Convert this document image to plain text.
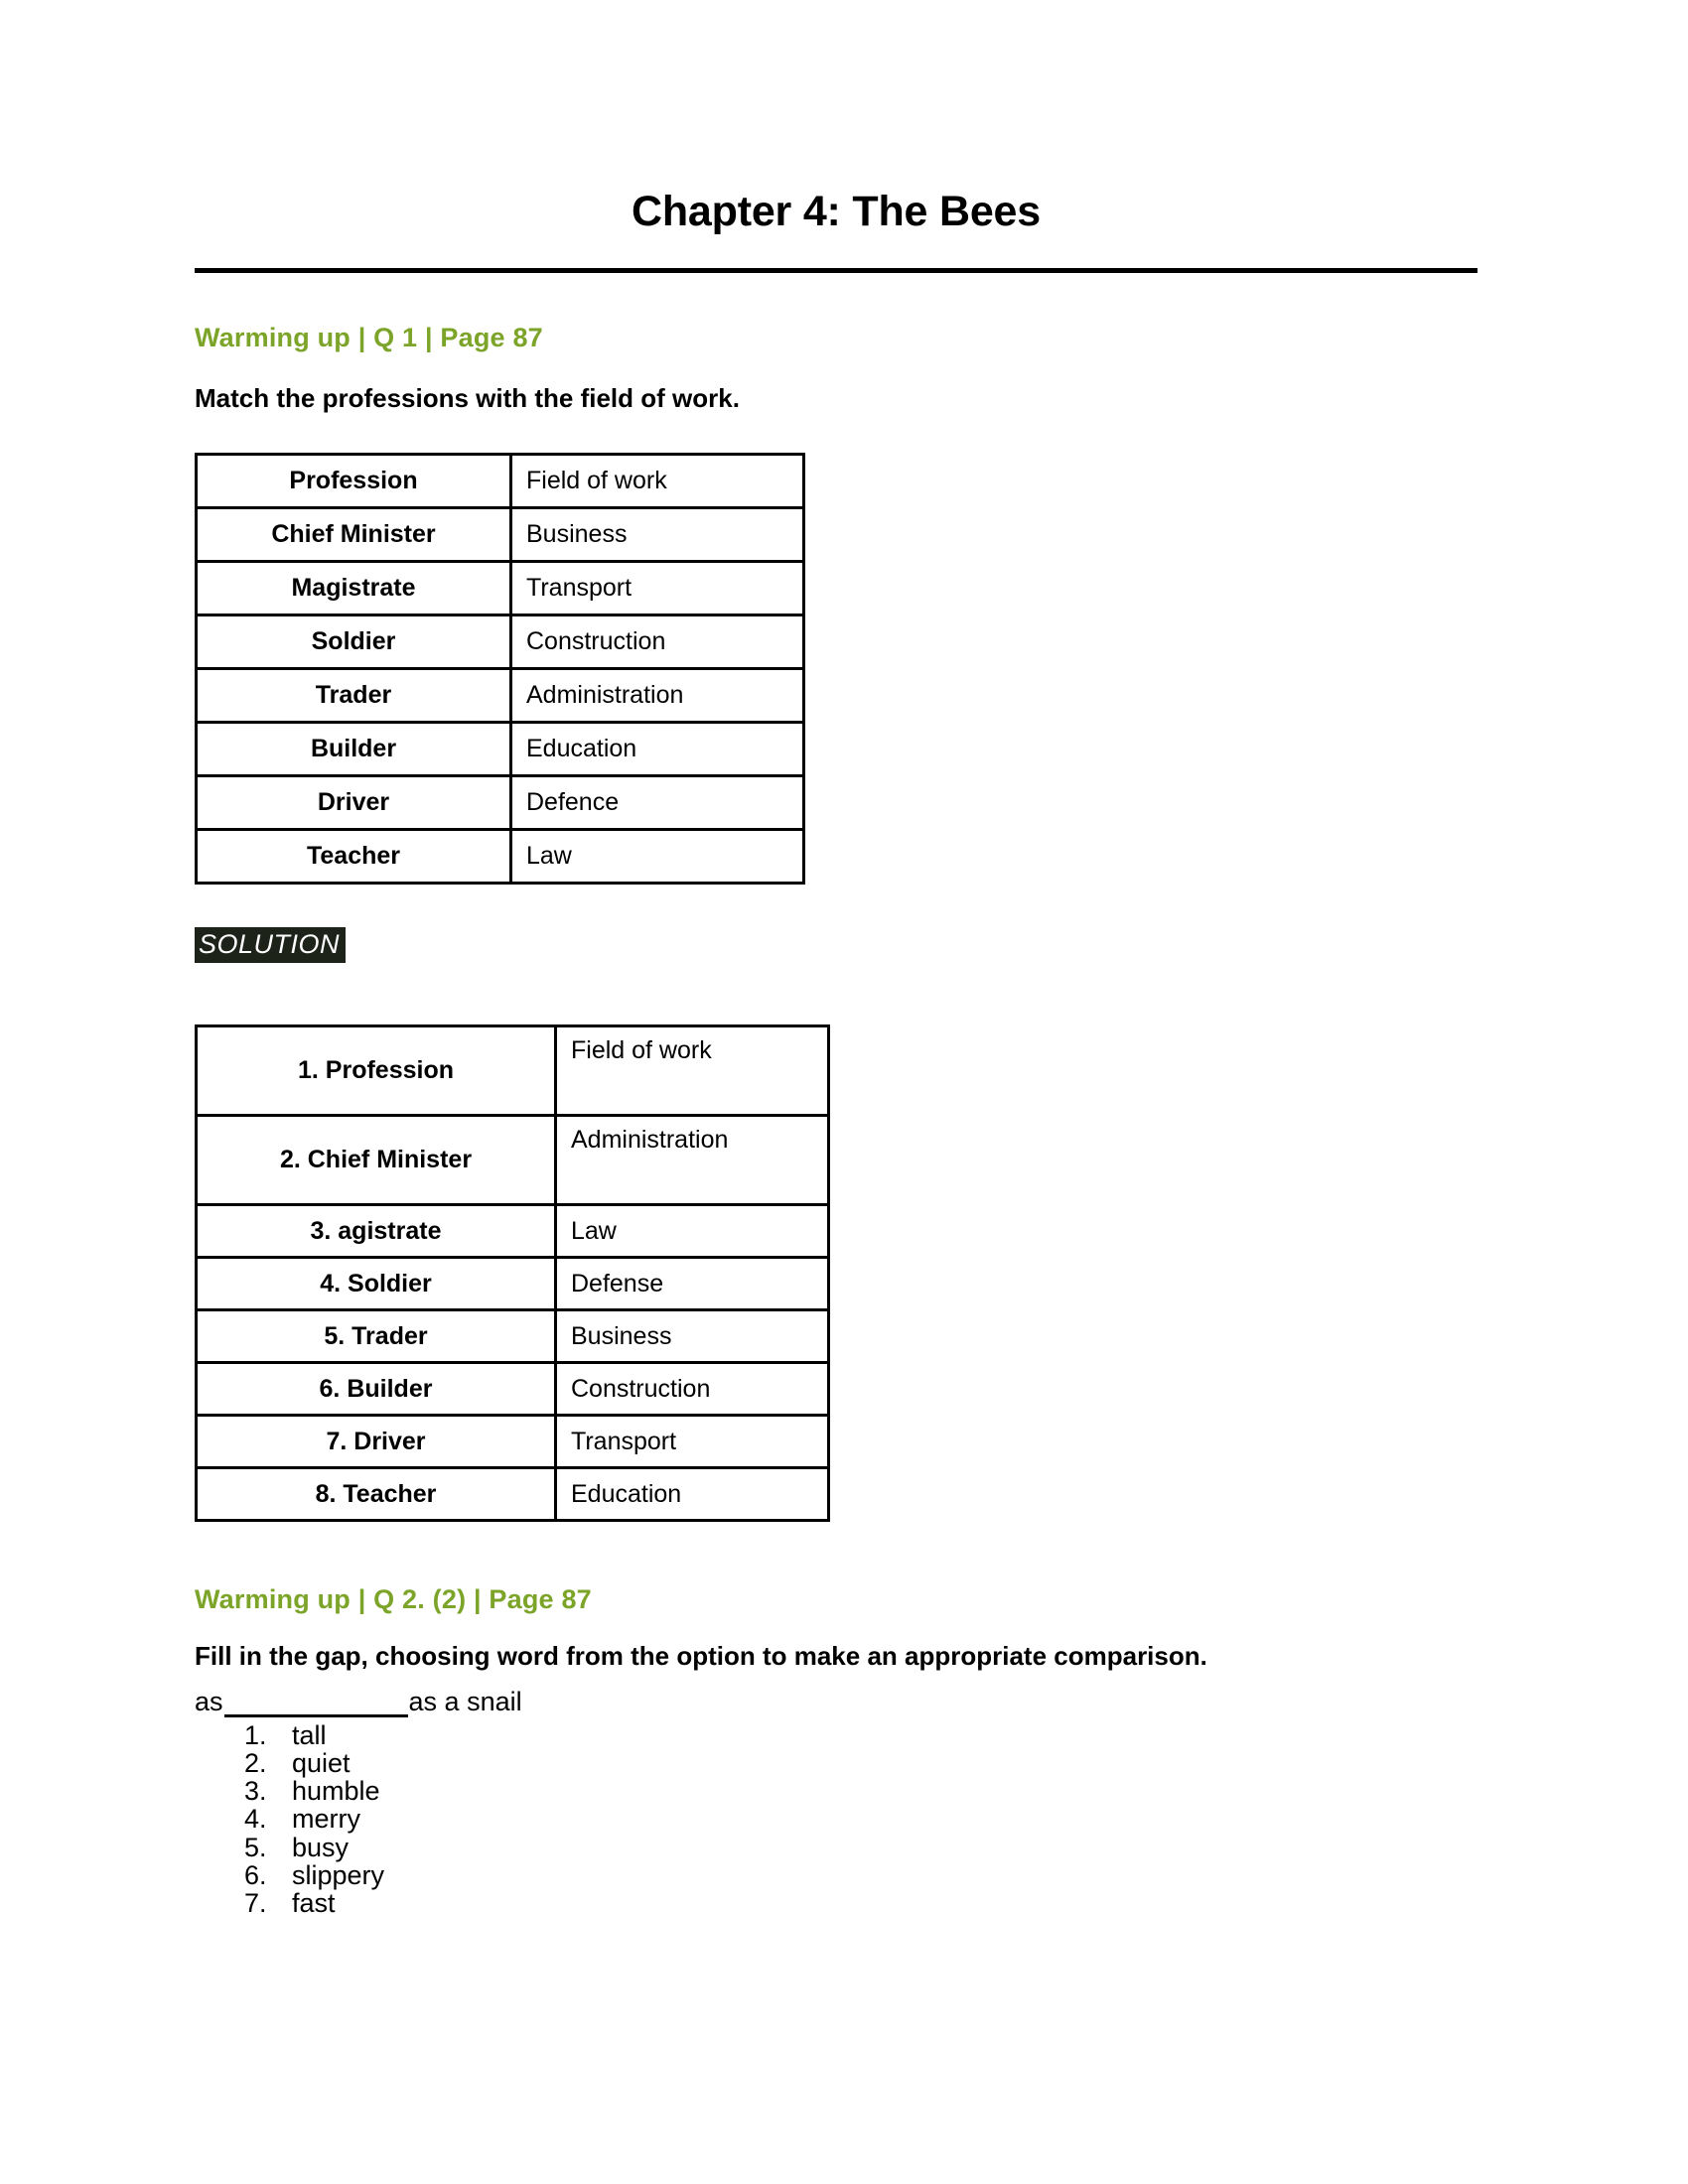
Chapter 4: The Bees
Warming up | Q 1 | Page 87
Match the professions with the field of work.
Profession	Field of work
Chief Minister	Business
Magistrate	Transport
Soldier	Construction
Trader	Administration
Builder	Education
Driver	Defence
Teacher	Law
SOLUTION
1. Profession	Field of work
2. Chief Minister	Administration
3. agistrate	Law
4. Soldier	Defense
5. Trader	Business
6. Builder	Construction
7. Driver	Transport
8. Teacher	Education
Warming up | Q 2. (2) | Page 87
Fill in the gap, choosing word from the option to make an appropriate comparison.
as	as a snail
1. tall
2. quiet
3. humble
4. merry
5. busy
6. slippery
7. fast
